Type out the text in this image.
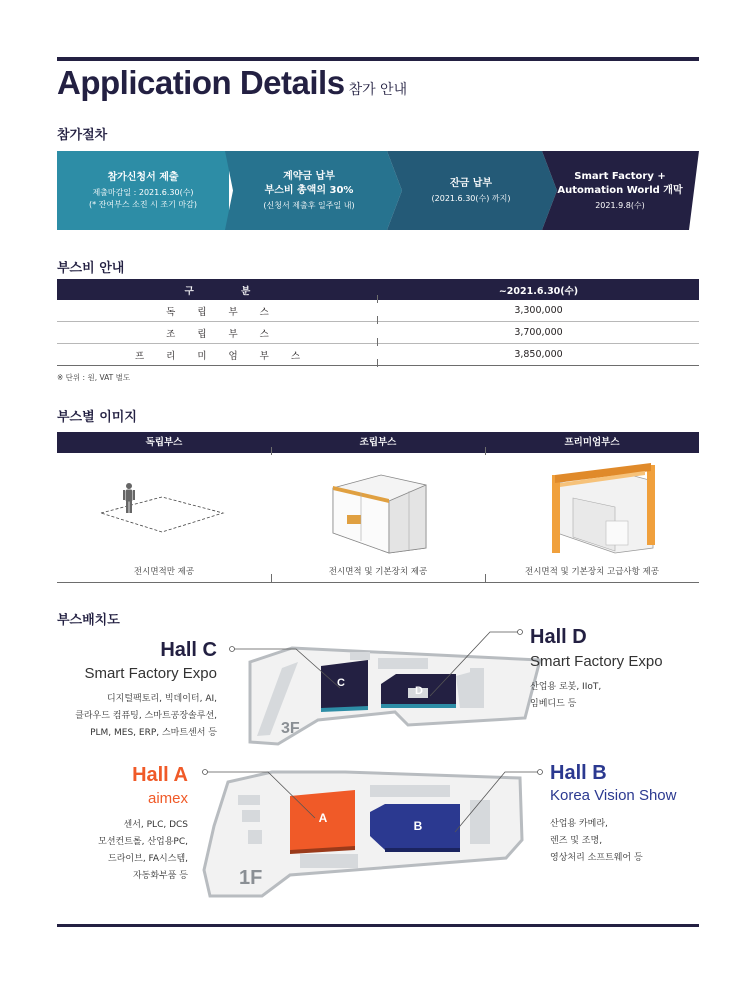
Application Details 참가 안내
참가절차
참가신청서 제출
제출마감일 : 2021.6.30(수)
(* 잔여부스 소진 시 조기 마감)
계약금 납부
부스비 총액의 30%
(신청서 제출후 일주일 내)
잔금 납부
(2021.6.30(수) 까지)
Smart Factory +
Automation World 개막
2021.9.8(수)
부스비 안내
구 분	~2021.6.30(수)
독립부스	3,300,000
조립부스	3,700,000
프리미엄부스	3,850,000
※ 단위 : 원, VAT 별도
부스별 이미지
독립부스	조립부스	프리미엄부스
전시면적만 제공	전시면적 및 기본장치 제공	전시면적 및 기본장치 고급사항 제공
부스배치도
C
D
A
B
3F
1F
Hall C
Smart Factory Expo
디지털팩토리, 빅데이터, AI,
클라우드 컴퓨팅, 스마트공장솔루션,
PLM, MES, ERP, 스마트센서 등
Hall D
Smart Factory Expo
산업용 로봇, IIoT,
임베디드 등
Hall A
aimex
센서, PLC, DCS
모션컨트롤, 산업용PC,
드라이브, FA시스템,
자동화부품 등
Hall B
Korea Vision Show
산업용 카메라,
렌즈 및 조명,
영상처리 소프트웨어 등
